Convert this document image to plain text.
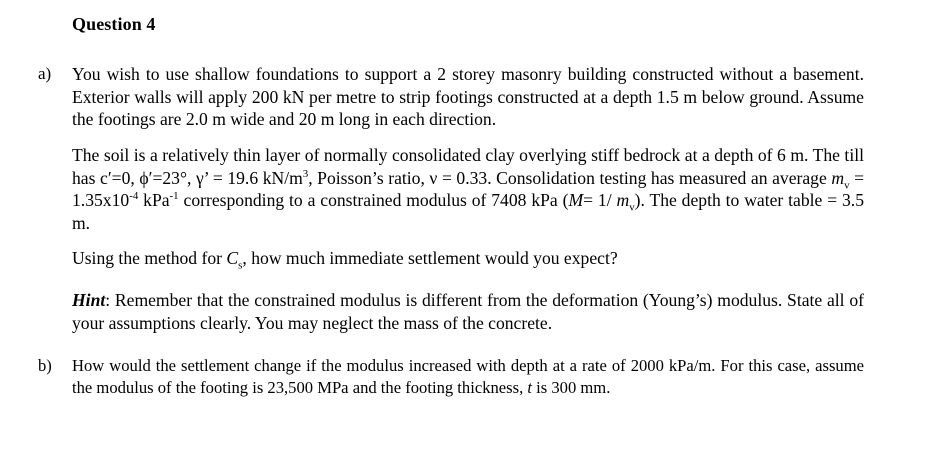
Question 4
a) You wish to use shallow foundations to support a 2 storey masonry building constructed without a basement. Exterior walls will apply 200 kN per metre to strip footings constructed at a depth 1.5 m below ground. Assume the footings are 2.0 m wide and 20 m long in each direction.
The soil is a relatively thin layer of normally consolidated clay overlying stiff bedrock at a depth of 6 m. The till has c′=0, ϕ′=23°, γ’ = 19.6 $kN/m^3$, Poisson’s ratio, ν = 0.33. Consolidation testing has measured an average $m_v = 1.35x10^{-4}$ kPa$^{-1}$ corresponding to a constrained modulus of 7408 kPa (M= 1/ $m_v$). The depth to water table = 3.5 m.
Using the method for $C_s$, how much immediate settlement would you expect?
Hint: Remember that the constrained modulus is different from the deformation (Young’s) modulus. State all of your assumptions clearly. You may neglect the mass of the concrete.
b) How would the settlement change if the modulus increased with depth at a rate of 2000 kPa/m. For this case, assume the modulus of the footing is 23,500 MPa and the footing thickness, t is 300 mm.
